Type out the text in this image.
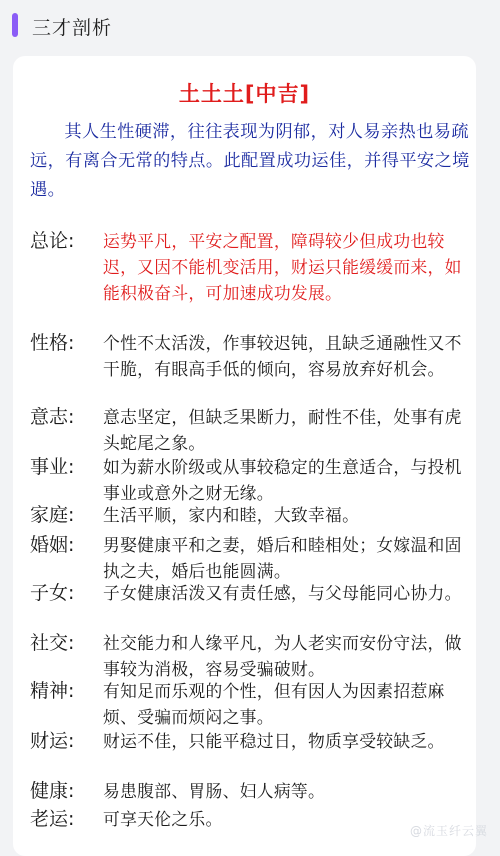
三才剖析
土土土[中吉]
其人生性硬滞，往往表现为阴郁，对人易亲热也易疏远，有离合无常的特点。此配置成功运佳，并得平安之境遇。
总论: 运势平凡，平安之配置，障碍较少但成功也较迟，又因不能机变活用，财运只能缓缓而来，如能积极奋斗，可加速成功发展。
性格: 个性不太活泼，作事较迟钝，且缺乏通融性又不干脆，有眼高手低的倾向，容易放弃好机会。
意志: 意志坚定，但缺乏果断力，耐性不佳，处事有虎头蛇尾之象。
事业: 如为薪水阶级或从事较稳定的生意适合，与投机事业或意外之财无缘。
家庭: 生活平顺，家内和睦，大致幸福。
婚姻: 男娶健康平和之妻，婚后和睦相处；女嫁温和固执之夫，婚后也能圆满。
子女: 子女健康活泼又有责任感，与父母能同心协力。
社交: 社交能力和人缘平凡，为人老实而安份守法，做事较为消极，容易受骗破财。
精神: 有知足而乐观的个性，但有因人为因素招惹麻烦、受骗而烦闷之事。
财运: 财运不佳，只能平稳过日，物质享受较缺乏。
健康: 易患腹部、胃肠、妇人病等。
老运: 可享天伦之乐。
@流玉纤云翼
